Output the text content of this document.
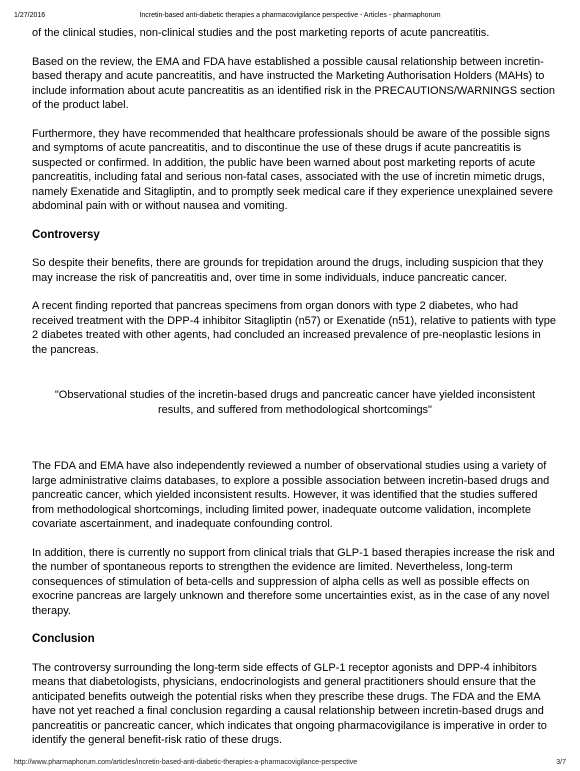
1/27/2016	Incretin-based anti-diabetic therapies a pharmacovigilance perspective - Articles - pharmaphorum

of the clinical studies, non-clinical studies and the post marketing reports of acute pancreatitis.

Based on the review, the EMA and FDA have established a possible causal relationship between incretin-based therapy and acute pancreatitis, and have instructed the Marketing Authorisation Holders (MAHs) to include information about acute pancreatitis as an identified risk in the PRECAUTIONS/WARNINGS section of the product label.

Furthermore, they have recommended that healthcare professionals should be aware of the possible signs and symptoms of acute pancreatitis, and to discontinue the use of these drugs if acute pancreatitis is suspected or confirmed. In addition, the public have been warned about post marketing reports of acute pancreatitis, including fatal and serious non-fatal cases, associated with the use of incretin mimetic drugs, namely Exenatide and Sitagliptin, and to promptly seek medical care if they experience unexplained severe abdominal pain with or without nausea and vomiting.

Controversy

So despite their benefits, there are grounds for trepidation around the drugs, including suspicion that they may increase the risk of pancreatitis and, over time in some individuals, induce pancreatic cancer.

A recent finding reported that pancreas specimens from organ donors with type 2 diabetes, who had received treatment with the DPP-4 inhibitor Sitagliptin (n57) or Exenatide (n51), relative to patients with type 2 diabetes treated with other agents, had concluded an increased prevalence of pre-neoplastic lesions in the pancreas.

"Observational studies of the incretin-based drugs and pancreatic cancer have yielded inconsistent results, and suffered from methodological shortcomings"

The FDA and EMA have also independently reviewed a number of observational studies using a variety of large administrative claims databases, to explore a possible association between incretin-based drugs and pancreatic cancer, which yielded inconsistent results. However, it was identified that the studies suffered from methodological shortcomings, including limited power, inadequate outcome validation, incomplete covariate ascertainment, and inadequate confounding control.

In addition, there is currently no support from clinical trials that GLP-1 based therapies increase the risk and the number of spontaneous reports to strengthen the evidence are limited. Nevertheless, long-term consequences of stimulation of beta-cells and suppression of alpha cells as well as possible effects on exocrine pancreas are largely unknown and therefore some uncertainties exist, as in the case of any novel therapy.

Conclusion

The controversy surrounding the long-term side effects of GLP-1 receptor agonists and DPP-4 inhibitors means that diabetologists, physicians, endocrinologists and general practitioners should ensure that the anticipated benefits outweigh the potential risks when they prescribe these drugs. The FDA and the EMA have not yet reached a final conclusion regarding a causal relationship between incretin-based drugs and pancreatitis or pancreatic cancer, which indicates that ongoing pharmacovigilance is imperative in order to identify the general benefit-risk ratio of these drugs.

http://www.pharmaphorum.com/articles/incretin-based-anti-diabetic-therapies-a-pharmacovigilance-perspective	3/7
